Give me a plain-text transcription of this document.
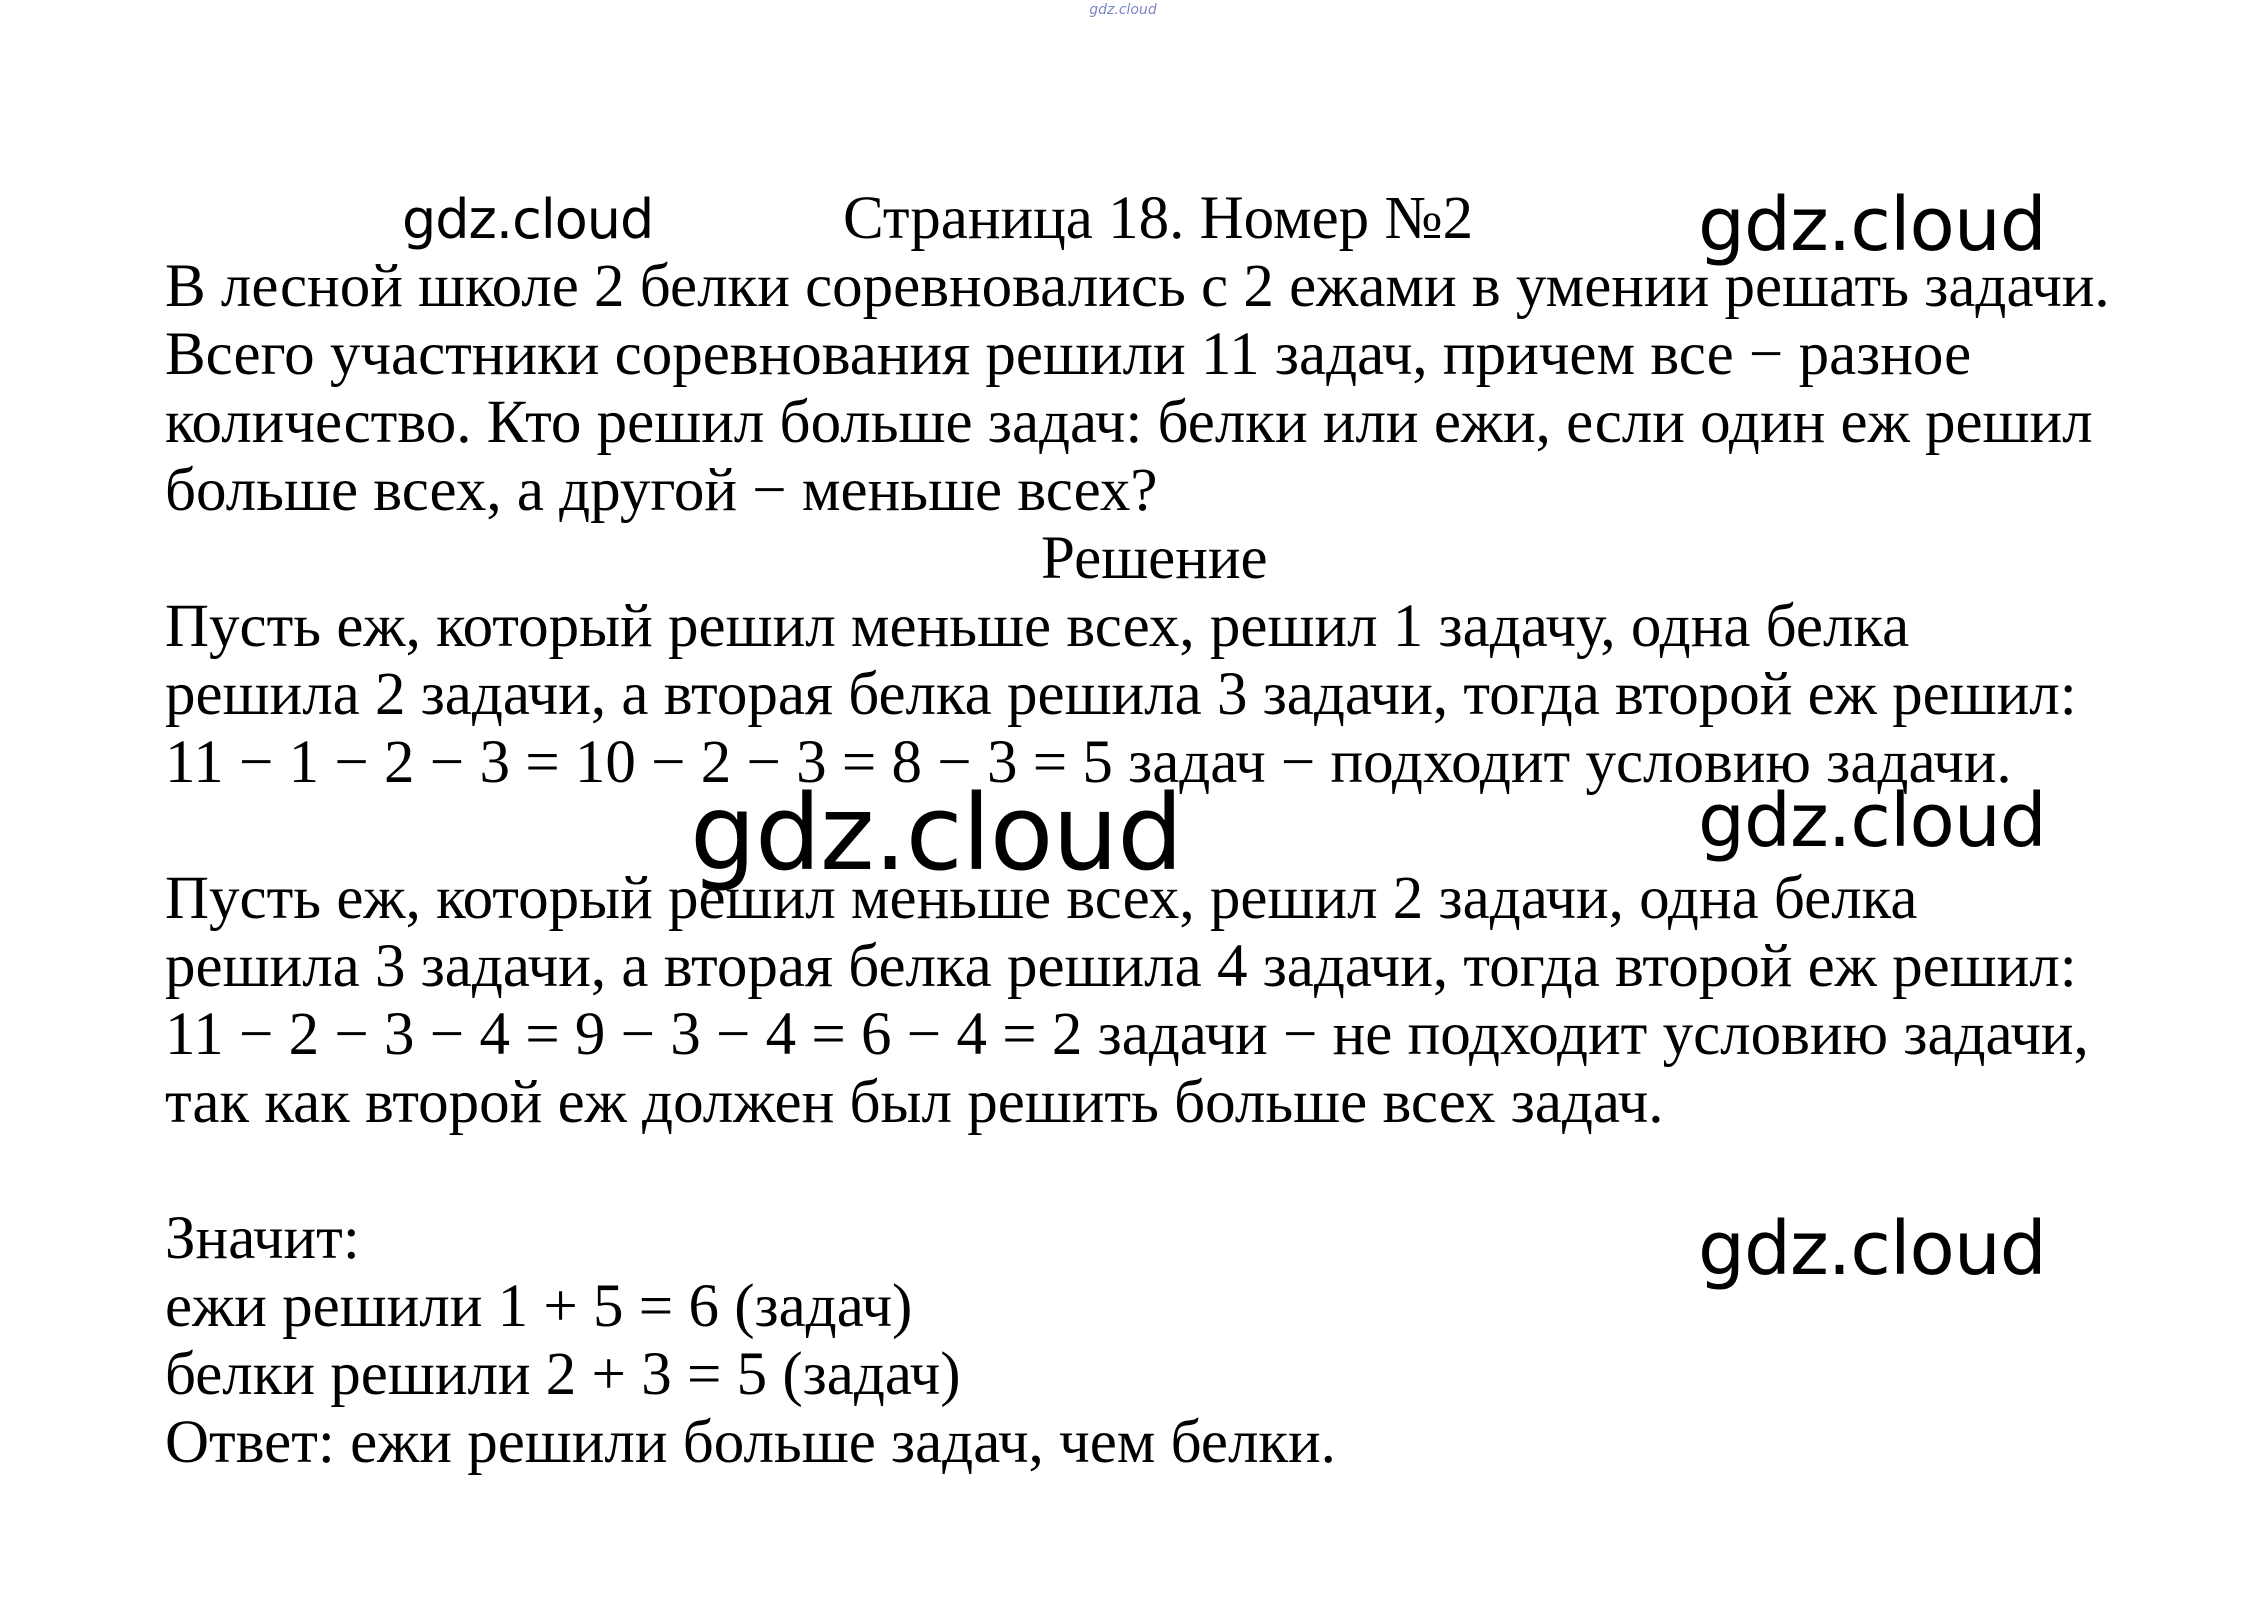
gdz.cloud
gdz.cloud	Страница 18. Номер №2	gdz.cloud

В лесной школе 2 белки соревновались с 2 ежами в умении решать задачи.

Всего участники соревнования решили 11 задач, причем все − разное

количество. Кто решил больше задач: белки или ежи, если один еж решил

больше всех, а другой − меньше всех?

Решение

Пусть еж, который решил меньше всех, решил 1 задачу, одна белка

решила 2 задачи, а вторая белка решила 3 задачи, тогда второй еж решил:

11 − 1 − 2 − 3 = 10 − 2 − 3 = 8 − 3 = 5 задач − подходит условию задачи.

gdz.cloud	gdz.cloud

Пусть еж, который решил меньше всех, решил 2 задачи, одна белка

решила 3 задачи, а вторая белка решила 4 задачи, тогда второй еж решил:

11 − 2 − 3 − 4 = 9 − 3 − 4 = 6 − 4 = 2 задачи − не подходит условию задачи,

так как второй еж должен был решить больше всех задач.

gdz.cloud

Значит:

ежи решили 1 + 5 = 6 (задач)

белки решили 2 + 3 = 5 (задач)

Ответ: ежи решили больше задач, чем белки.
